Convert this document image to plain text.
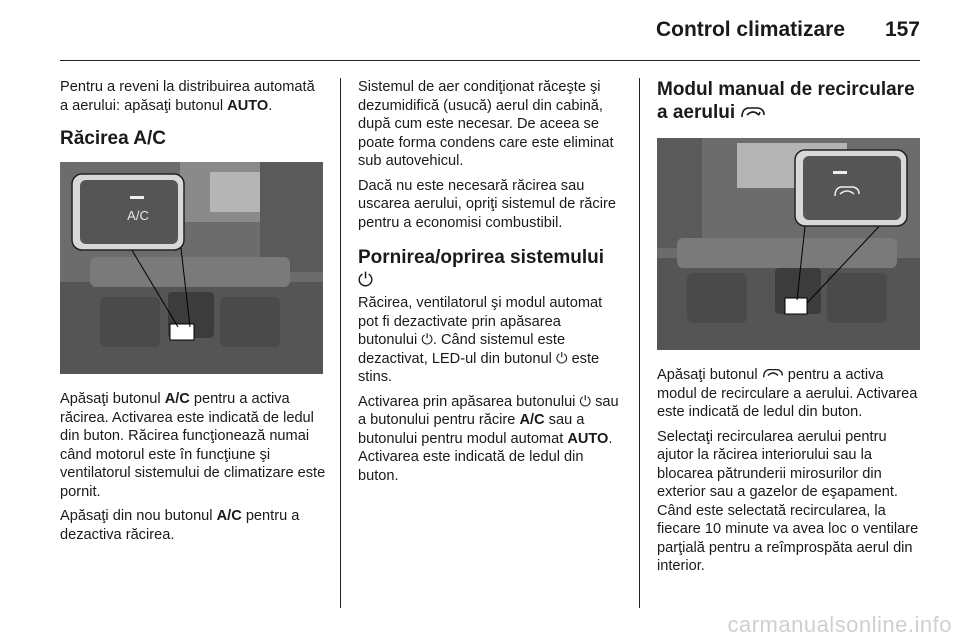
Control climatizare 157

Pentru a reveni la distribuirea automată a aerului: apăsaţi butonul AUTO.

Răcirea A/C
A/C

Apăsaţi butonul A/C pentru a activa răcirea. Activarea este indicată de ledul din buton. Răcirea funcţionează numai când motorul este în funcţiune şi ventilatorul sistemului de climatizare este pornit.

Apăsaţi din nou butonul A/C pentru a dezactiva răcirea.

Sistemul de aer condiţionat răceşte şi dezumidifică (usucă) aerul din cabină, după cum este necesar. De aceea se poate forma condens care este eliminat sub autovehicul.

Dacă nu este necesară răcirea sau uscarea aerului, opriţi sistemul de răcire pentru a economisi combustibil.

Pornirea/oprirea sistemului ⏻

Răcirea, ventilatorul şi modul automat pot fi dezactivate prin apăsarea butonului ⏻. Când sistemul este dezactivat, LED-ul din butonul ⏻ este stins.

Activarea prin apăsarea butonului ⏻ sau a butonului pentru răcire A/C sau a butonului pentru modul automat AUTO. Activarea este indicată de ledul din buton.

Modul manual de recirculare a aerului

Apăsaţi butonul pentru a activa modul de recirculare a aerului. Activarea este indicată de ledul din buton.

Selectaţi recircularea aerului pentru ajutor la răcirea interiorului sau la blocarea pătrunderii mirosurilor din exterior sau a gazelor de eşapament. Când este selectată recircularea, la fiecare 10 minute va avea loc o ventilare parţială pentru a reîmprospăta aerul din interior.

carmanualsonline.info
